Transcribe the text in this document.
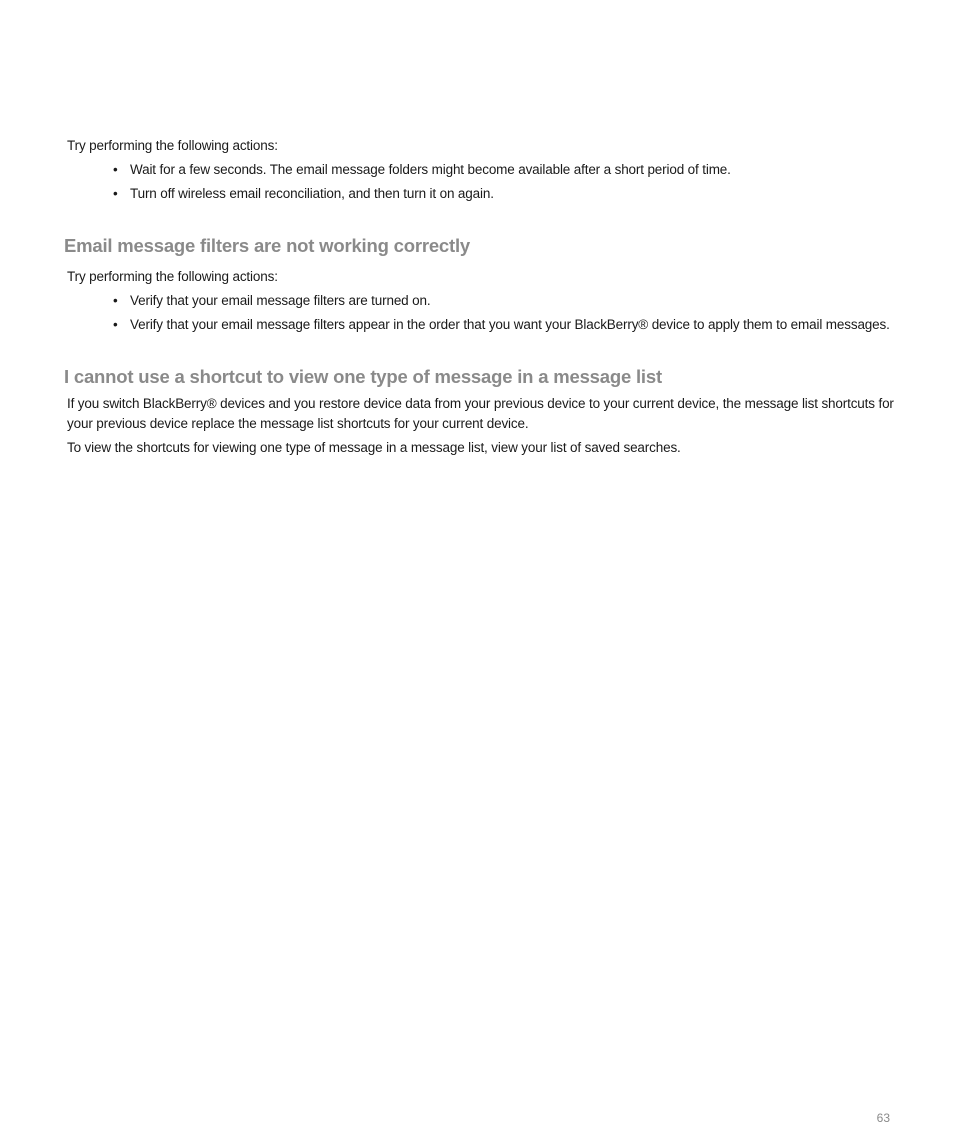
Try performing the following actions:

• Wait for a few seconds. The email message folders might become available after a short period of time.
• Turn off wireless email reconciliation, and then turn it on again.
Email message filters are not working correctly

Try performing the following actions:

• Verify that your email message filters are turned on.
• Verify that your email message filters appear in the order that you want your BlackBerry® device to apply them to email messages.
I cannot use a shortcut to view one type of message in a message list

If you switch BlackBerry® devices and you restore device data from your previous device to your current device, the message list shortcuts for your previous device replace the message list shortcuts for your current device.

To view the shortcuts for viewing one type of message in a message list, view your list of saved searches.

63
